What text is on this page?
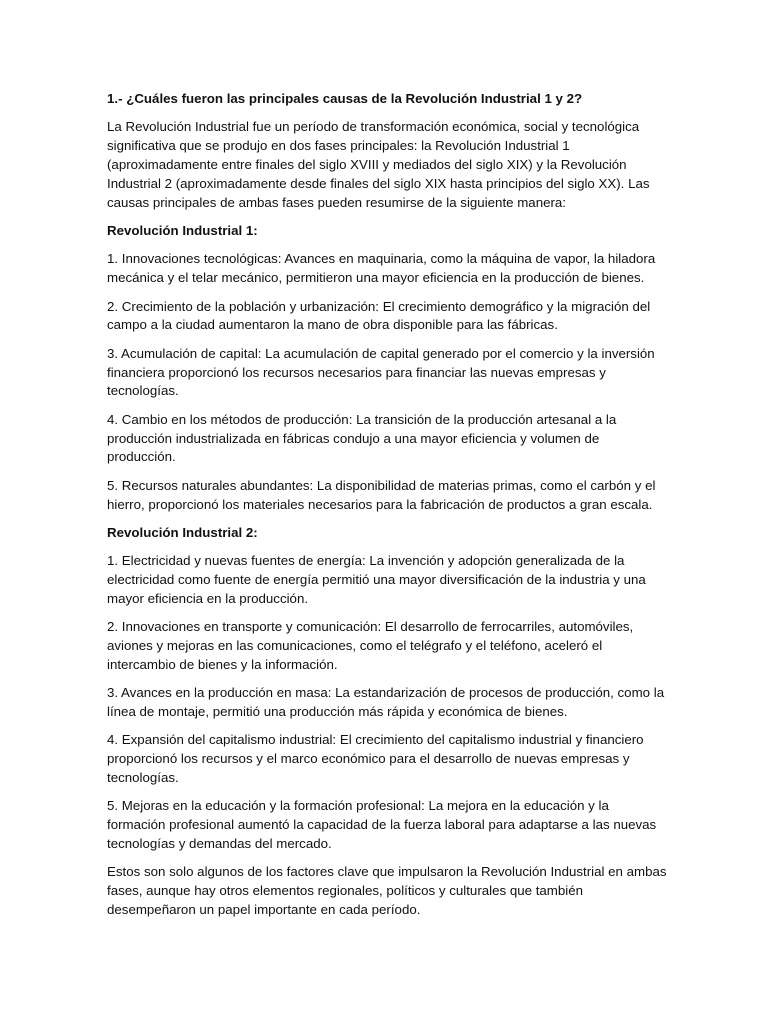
1.- ¿Cuáles fueron las principales causas de la Revolución Industrial 1 y 2?

La Revolución Industrial fue un período de transformación económica, social y tecnológica significativa que se produjo en dos fases principales: la Revolución Industrial 1 (aproximadamente entre finales del siglo XVIII y mediados del siglo XIX) y la Revolución Industrial 2 (aproximadamente desde finales del siglo XIX hasta principios del siglo XX). Las causas principales de ambas fases pueden resumirse de la siguiente manera:

Revolución Industrial 1:

1. Innovaciones tecnológicas: Avances en maquinaria, como la máquina de vapor, la hiladora mecánica y el telar mecánico, permitieron una mayor eficiencia en la producción de bienes.

2. Crecimiento de la población y urbanización: El crecimiento demográfico y la migración del campo a la ciudad aumentaron la mano de obra disponible para las fábricas.

3. Acumulación de capital: La acumulación de capital generado por el comercio y la inversión financiera proporcionó los recursos necesarios para financiar las nuevas empresas y tecnologías.

4. Cambio en los métodos de producción: La transición de la producción artesanal a la producción industrializada en fábricas condujo a una mayor eficiencia y volumen de producción.

5. Recursos naturales abundantes: La disponibilidad de materias primas, como el carbón y el hierro, proporcionó los materiales necesarios para la fabricación de productos a gran escala.

Revolución Industrial 2:

1. Electricidad y nuevas fuentes de energía: La invención y adopción generalizada de la electricidad como fuente de energía permitió una mayor diversificación de la industria y una mayor eficiencia en la producción.

2. Innovaciones en transporte y comunicación: El desarrollo de ferrocarriles, automóviles, aviones y mejoras en las comunicaciones, como el telégrafo y el teléfono, aceleró el intercambio de bienes y la información.

3. Avances en la producción en masa: La estandarización de procesos de producción, como la línea de montaje, permitió una producción más rápida y económica de bienes.

4. Expansión del capitalismo industrial: El crecimiento del capitalismo industrial y financiero proporcionó los recursos y el marco económico para el desarrollo de nuevas empresas y tecnologías.

5. Mejoras en la educación y la formación profesional: La mejora en la educación y la formación profesional aumentó la capacidad de la fuerza laboral para adaptarse a las nuevas tecnologías y demandas del mercado.

Estos son solo algunos de los factores clave que impulsaron la Revolución Industrial en ambas fases, aunque hay otros elementos regionales, políticos y culturales que también desempeñaron un papel importante en cada período.
